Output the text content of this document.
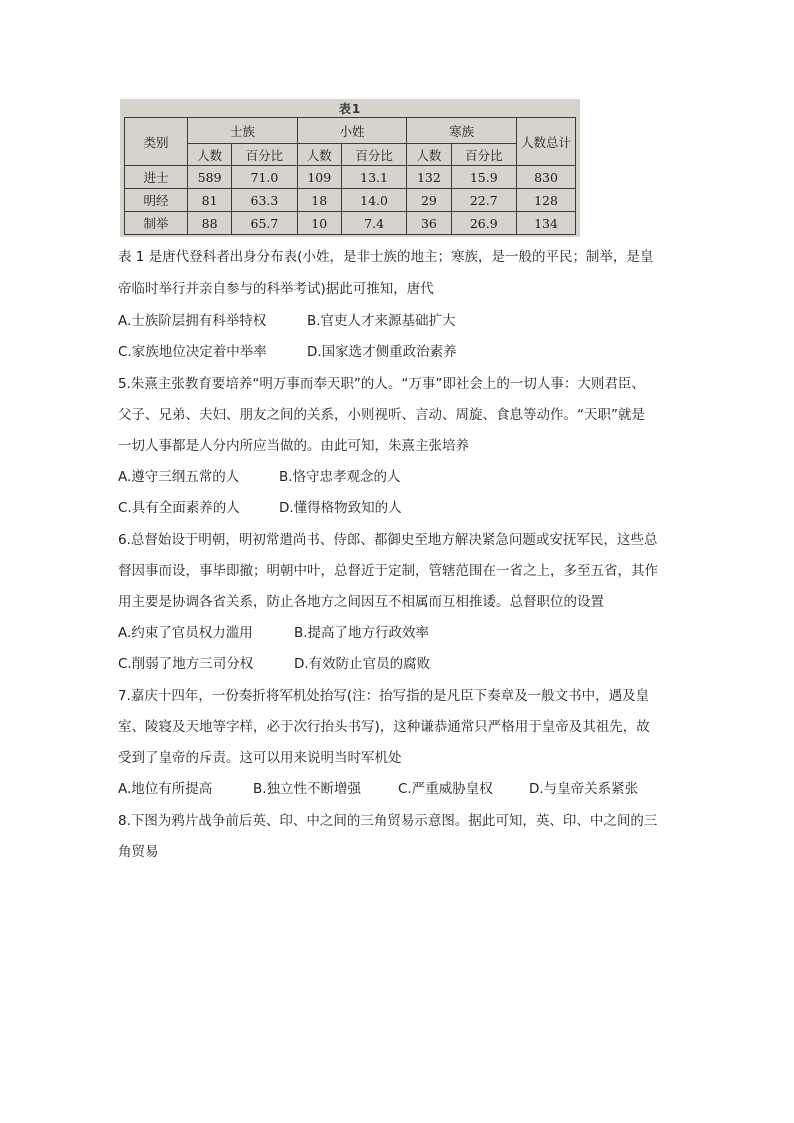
表1
类别	士族		小姓		寒族		人数总计
	人数	百分比	人数	百分比	人数	百分比	
进士	589	71.0	109	13.1	132	15.9	830
明经	81	63.3	18	14.0	29	22.7	128
制举	88	65.7	10	7.4	36	26.9	134
表 1 是唐代登科者出身分布表(小姓，是非士族的地主；寒族，是一般的平民；制举，是皇
帝临时举行并亲自参与的科举考试)据此可推知，唐代
A.士族阶层拥有科举特权	B.官吏人才来源基础扩大
C.家族地位决定着中举率	D.国家选才侧重政治素养
5.朱熹主张教育要培养“明万事而奉天职”的人。“万事”即社会上的一切人事：大则君臣、
父子、兄弟、夫妇、朋友之间的关系，小则视听、言动、周旋、食息等动作。“天职”就是
一切人事都是人分内所应当做的。由此可知，朱熹主张培养
A.遵守三纲五常的人	B.恪守忠孝观念的人
C.具有全面素养的人	D.懂得格物致知的人
6.总督始设于明朝，明初常遣尚书、侍郎、都御史至地方解决紧急问题或安抚军民，这些总
督因事而设，事毕即撤；明朝中叶，总督近于定制，管辖范围在一省之上，多至五省，其作
用主要是协调各省关系，防止各地方之间因互不相属而互相推诿。总督职位的设置
A.约束了官员权力滥用	B.提高了地方行政效率
C.削弱了地方三司分权	D.有效防止官员的腐败
7.嘉庆十四年，一份奏折将军机处抬写(注：抬写指的是凡臣下奏章及一般文书中，遇及皇
室、陵寝及天地等字样，必于次行抬头书写)，这种谦恭通常只严格用于皇帝及其祖先，故
受到了皇帝的斥责。这可以用来说明当时军机处
A.地位有所提高	B.独立性不断增强	C.严重威胁皇权	D.与皇帝关系紧张
8.下图为鸦片战争前后英、印、中之间的三角贸易示意图。据此可知，英、印、中之间的三
角贸易
